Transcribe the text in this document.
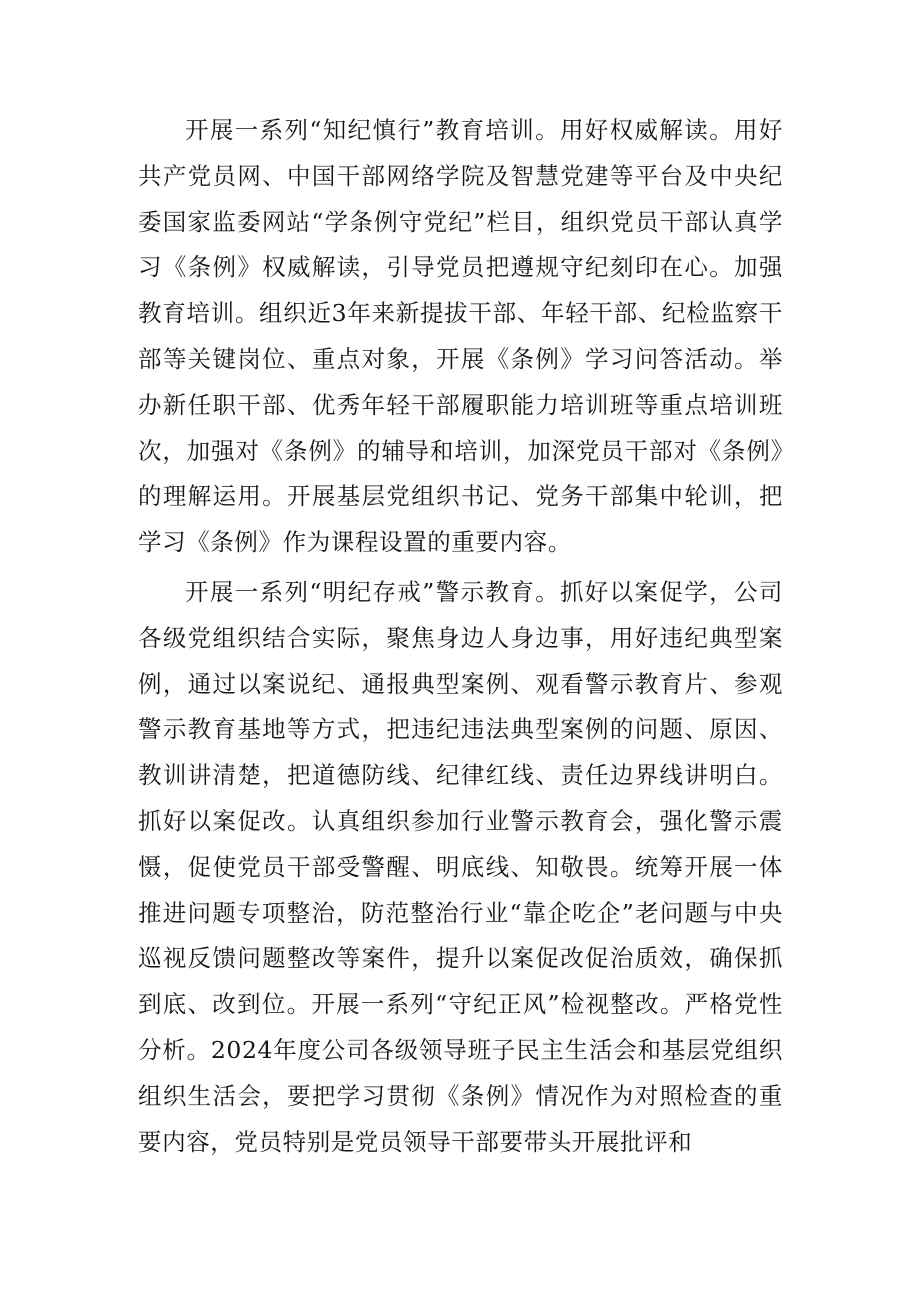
开展一系列“知纪慎行”教育培训。用好权威解读。用好共产党员网、中国干部网络学院及智慧党建等平台及中央纪委国家监委网站“学条例守党纪”栏目，组织党员干部认真学习《条例》权威解读，引导党员把遵规守纪刻印在心。加强教育培训。组织近3年来新提拔干部、年轻干部、纪检监察干部等关键岗位、重点对象，开展《条例》学习问答活动。举办新任职干部、优秀年轻干部履职能力培训班等重点培训班次，加强对《条例》的辅导和培训，加深党员干部对《条例》的理解运用。开展基层党组织书记、党务干部集中轮训，把学习《条例》作为课程设置的重要内容。

开展一系列“明纪存戒”警示教育。抓好以案促学，公司各级党组织结合实际，聚焦身边人身边事，用好违纪典型案例，通过以案说纪、通报典型案例、观看警示教育片、参观警示教育基地等方式，把违纪违法典型案例的问题、原因、教训讲清楚，把道德防线、纪律红线、责任边界线讲明白。抓好以案促改。认真组织参加行业警示教育会，强化警示震慑，促使党员干部受警醒、明底线、知敬畏。统筹开展一体推进问题专项整治，防范整治行业“靠企吃企”老问题与中央巡视反馈问题整改等案件，提升以案促改促治质效，确保抓到底、改到位。开展一系列“守纪正风”检视整改。严格党性分析。2024年度公司各级领导班子民主生活会和基层党组织组织生活会，要把学习贯彻《条例》情况作为对照检查的重要内容，党员特别是党员领导干部要带头开展批评和
